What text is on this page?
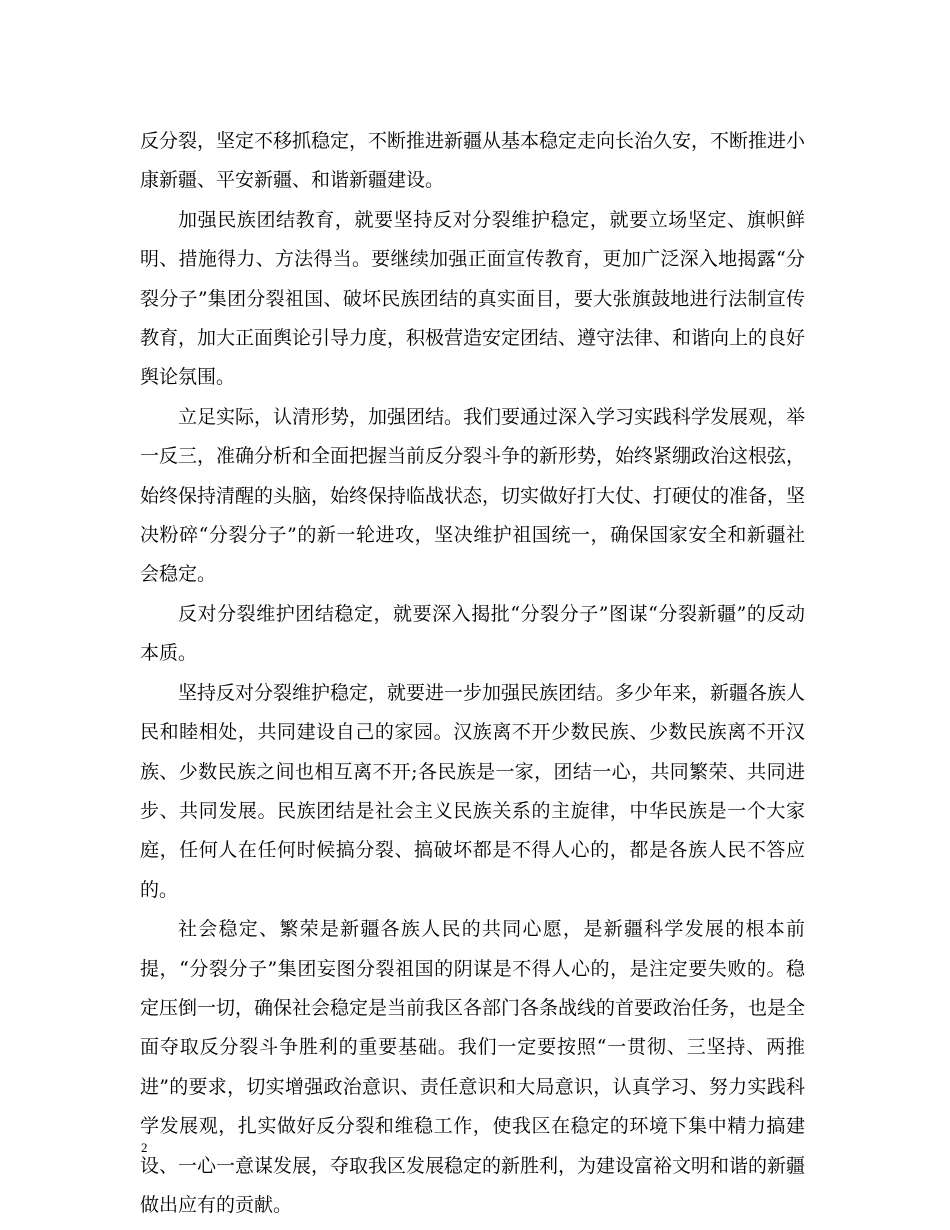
反分裂，坚定不移抓稳定，不断推进新疆从基本稳定走向长治久安，不断推进小康新疆、平安新疆、和谐新疆建设。

加强民族团结教育，就要坚持反对分裂维护稳定，就要立场坚定、旗帜鲜明、措施得力、方法得当。要继续加强正面宣传教育，更加广泛深入地揭露“分裂分子”集团分裂祖国、破坏民族团结的真实面目，要大张旗鼓地进行法制宣传教育，加大正面舆论引导力度，积极营造安定团结、遵守法律、和谐向上的良好舆论氛围。

立足实际，认清形势，加强团结。我们要通过深入学习实践科学发展观，举一反三，准确分析和全面把握当前反分裂斗争的新形势，始终紧绷政治这根弦，始终保持清醒的头脑，始终保持临战状态，切实做好打大仗、打硬仗的准备，坚决粉碎“分裂分子”的新一轮进攻，坚决维护祖国统一，确保国家安全和新疆社会稳定。

反对分裂维护团结稳定，就要深入揭批“分裂分子”图谋“分裂新疆”的反动本质。

坚持反对分裂维护稳定，就要进一步加强民族团结。多少年来，新疆各族人民和睦相处，共同建设自己的家园。汉族离不开少数民族、少数民族离不开汉族、少数民族之间也相互离不开;各民族是一家，团结一心，共同繁荣、共同进步、共同发展。民族团结是社会主义民族关系的主旋律，中华民族是一个大家庭，任何人在任何时候搞分裂、搞破坏都是不得人心的，都是各族人民不答应的。

社会稳定、繁荣是新疆各族人民的共同心愿，是新疆科学发展的根本前提，“分裂分子”集团妄图分裂祖国的阴谋是不得人心的，是注定要失败的。稳定压倒一切，确保社会稳定是当前我区各部门各条战线的首要政治任务，也是全面夺取反分裂斗争胜利的重要基础。我们一定要按照“一贯彻、三坚持、两推进”的要求，切实增强政治意识、责任意识和大局意识，认真学习、努力实践科学发展观，扎实做好反分裂和维稳工作，使我区在稳定的环境下集中精力搞建设、一心一意谋发展，夺取我区发展稳定的新胜利，为建设富裕文明和谐的新疆做出应有的贡献。

2
